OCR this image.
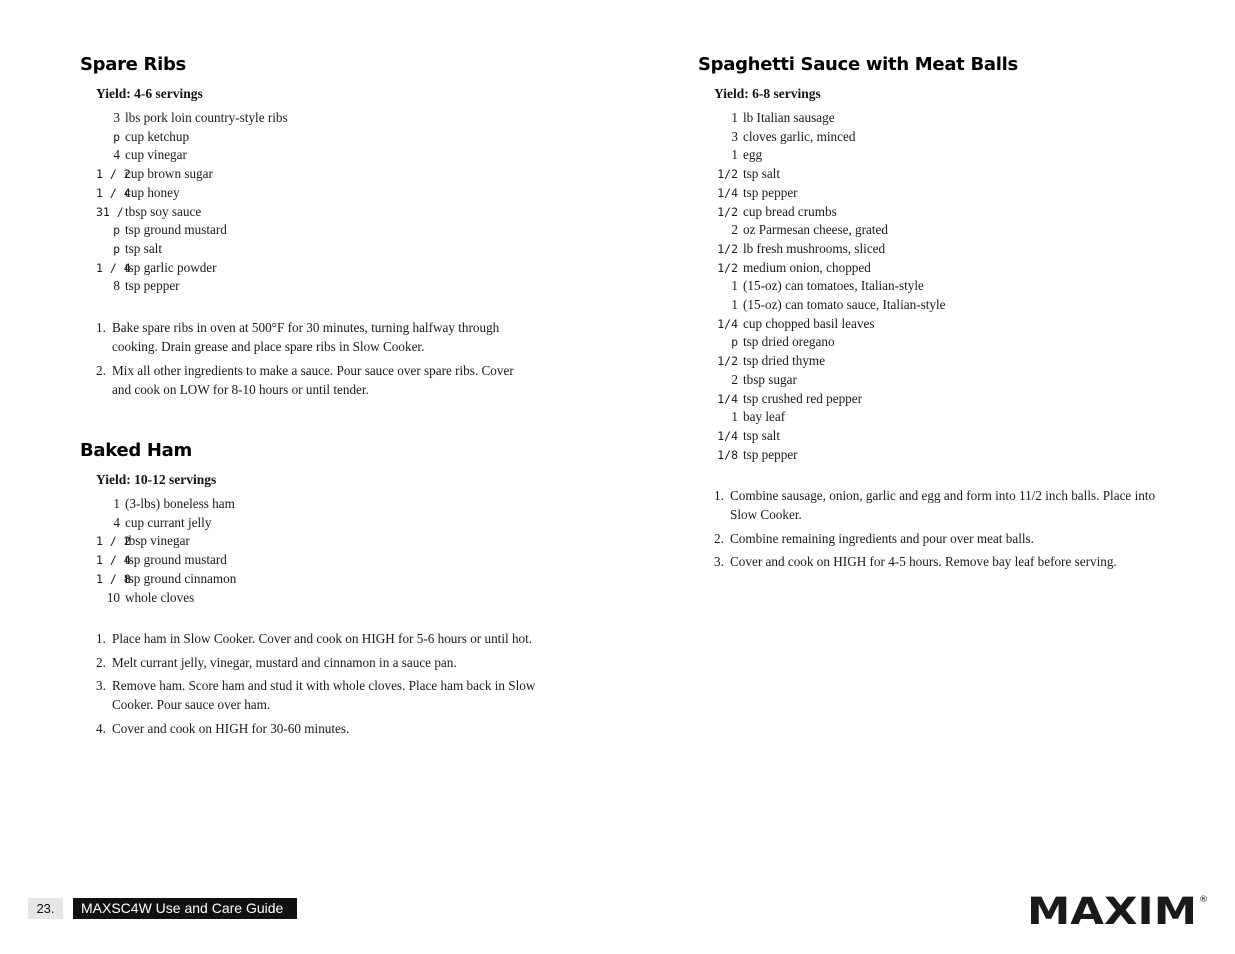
Spare Ribs
Yield: 4-6 servings
3 lbs pork loin country-style ribs
p cup ketchup
4 cup vinegar
1 / 2
cup brown sugar
1 / 4
cup honey
31 / tbsp soy sauce
p tsp ground mustard
p tsp salt
1 / 4
tsp garlic powder
8 tsp pepper
1. Bake spare ribs in oven at 500°F for 30 minutes, turning halfway through cooking. Drain grease and place spare ribs in Slow Cooker.
2. Mix all other ingredients to make a sauce. Pour sauce over spare ribs. Cover and cook on LOW for 8-10 hours or until tender.
Baked Ham
Yield: 10-12 servings
1 (3-lbs) boneless ham
4 cup currant jelly
1 / 2
tbsp vinegar
1 / 4
tsp ground mustard
1 / 8
tsp ground cinnamon
10 whole cloves
1. Place ham in Slow Cooker. Cover and cook on HIGH for 5-6 hours or until hot.
2. Melt currant jelly, vinegar, mustard and cinnamon in a sauce pan.
3. Remove ham. Score ham and stud it with whole cloves. Place ham back in Slow Cooker. Pour sauce over ham.
4. Cover and cook on HIGH for 30-60 minutes.
Spaghetti Sauce with Meat Balls
Yield: 6-8 servings
1 lb Italian sausage
3 cloves garlic, minced
1 egg
1/2 tsp salt
1/4 tsp pepper
1/2 cup bread crumbs
2 oz Parmesan cheese, grated
1/2 lb fresh mushrooms, sliced
1/2 medium onion, chopped
1 (15-oz) can tomatoes, Italian-style
1 (15-oz) can tomato sauce, Italian-style
1/4 cup chopped basil leaves
p tsp dried oregano
1/2 tsp dried thyme
2 tbsp sugar
1/4 tsp crushed red pepper
1 bay leaf
1/4 tsp salt
1/8 tsp pepper
1. Combine sausage, onion, garlic and egg and form into 11/2 inch balls. Place into Slow Cooker.
2. Combine remaining ingredients and pour over meat balls.
3. Cover and cook on HIGH for 4-5 hours. Remove bay leaf before serving.
23.	MAXSC4W Use and Care Guide	MAXIM ®
